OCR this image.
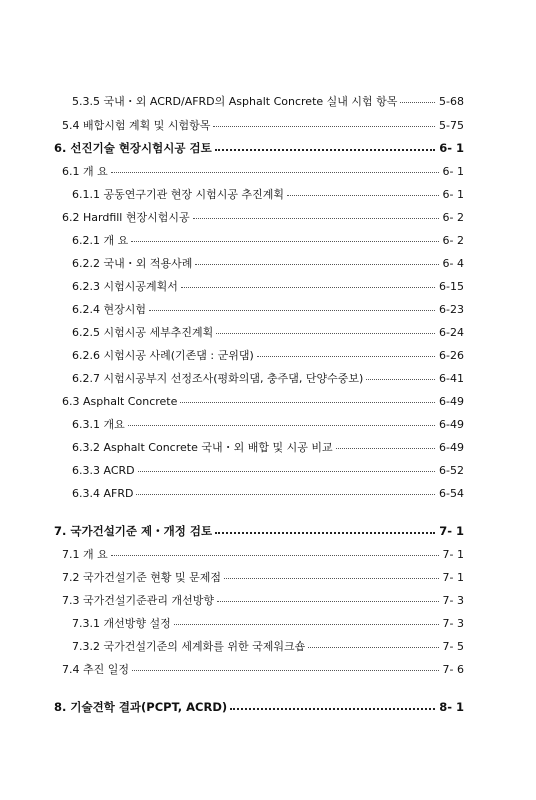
5.3.5 국내・외 ACRD/AFRD의 Asphalt Concrete 실내 시험 항목	5-68
5.4 배합시험 계획 및 시험항목	5-75
6. 선진기술 현장시험시공 검토	6- 1
6.1 개 요	6- 1
6.1.1 공동연구기관 현장 시험시공 추진계획	6- 1
6.2 Hardfill 현장시험시공	6- 2
6.2.1 개 요	6- 2
6.2.2 국내・외 적용사례	6- 4
6.2.3 시험시공계획서	6-15
6.2.4 현장시험	6-23
6.2.5 시험시공 세부추진계획	6-24
6.2.6 시험시공 사례(기존댐 : 군위댐)	6-26
6.2.7 시험시공부지 선정조사(평화의댐, 충주댐, 단양수중보)	6-41
6.3 Asphalt Concrete	6-49
6.3.1 개요	6-49
6.3.2 Asphalt Concrete 국내・외 배합 및 시공 비교	6-49
6.3.3 ACRD	6-52
6.3.4 AFRD	6-54
7. 국가건설기준 제・개정 검토	7- 1
7.1 개 요	7- 1
7.2 국가건설기준 현황 및 문제점	7- 1
7.3 국가건설기준관리 개선방향	7- 3
7.3.1 개선방향 설정	7- 3
7.3.2 국가건설기준의 세계화를 위한 국제워크숍	7- 5
7.4 추진 일정	7- 6
8. 기술견학 결과(PCPT, ACRD)	8- 1
